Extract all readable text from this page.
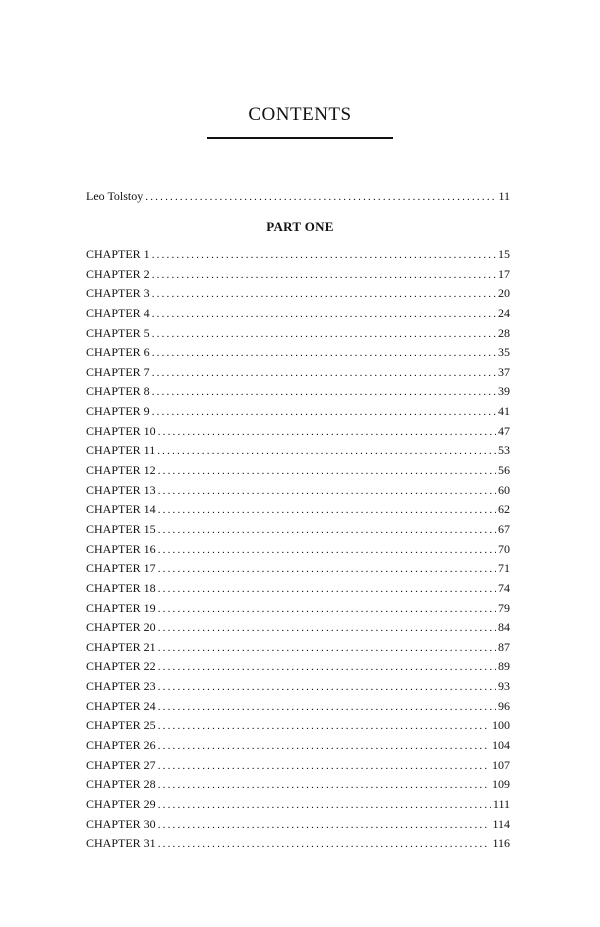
CONTENTS
Leo Tolstoy .....	11
PART ONE
CHAPTER 1 .....	15
CHAPTER 2 .....	17
CHAPTER 3 .....	20
CHAPTER 4 .....	24
CHAPTER 5 .....	28
CHAPTER 6 .....	35
CHAPTER 7 .....	37
CHAPTER 8 .....	39
CHAPTER 9 .....	41
CHAPTER 10 .....	47
CHAPTER 11 .....	53
CHAPTER 12 .....	56
CHAPTER 13 .....	60
CHAPTER 14 .....	62
CHAPTER 15 .....	67
CHAPTER 16 .....	70
CHAPTER 17 .....	71
CHAPTER 18 .....	74
CHAPTER 19 .....	79
CHAPTER 20 .....	84
CHAPTER 21 .....	87
CHAPTER 22 .....	89
CHAPTER 23 .....	93
CHAPTER 24 .....	96
CHAPTER 25 .....	100
CHAPTER 26 .....	104
CHAPTER 27 .....	107
CHAPTER 28 .....	109
CHAPTER 29 .....	111
CHAPTER 30 .....	114
CHAPTER 31 .....	116
